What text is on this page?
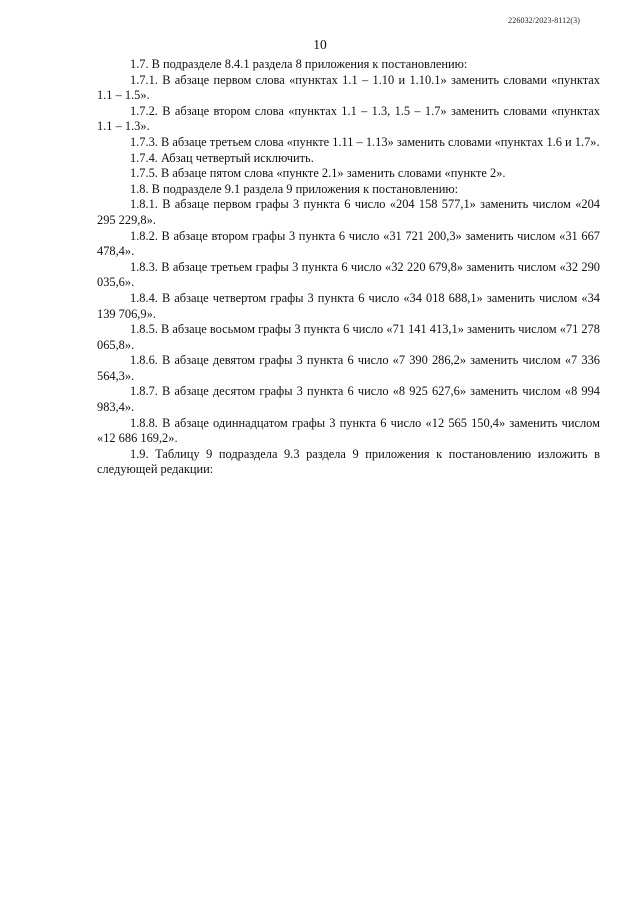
226032/2023-8112(3)
10

1.7. В подразделе 8.4.1 раздела 8 приложения к постановлению:

1.7.1. В абзаце первом слова «пунктах 1.1 – 1.10 и 1.10.1» заменить словами «пунктах 1.1 – 1.5».

1.7.2. В абзаце втором слова «пунктах 1.1 – 1.3, 1.5 – 1.7» заменить словами «пунктах 1.1 – 1.3».

1.7.3. В абзаце третьем слова «пункте 1.11 – 1.13» заменить словами «пунктах 1.6 и 1.7».

1.7.4. Абзац четвертый исключить.

1.7.5. В абзаце пятом слова «пункте 2.1» заменить словами «пункте 2».

1.8. В подразделе 9.1 раздела 9 приложения к постановлению:

1.8.1. В абзаце первом графы 3 пункта 6 число «204 158 577,1» заменить числом «204 295 229,8».

1.8.2. В абзаце втором графы 3 пункта 6 число «31 721 200,3» заменить числом «31 667 478,4».

1.8.3. В абзаце третьем графы 3 пункта 6 число «32 220 679,8» заменить числом «32 290 035,6».

1.8.4. В абзаце четвертом графы 3 пункта 6 число «34 018 688,1» заменить числом «34 139 706,9».

1.8.5. В абзаце восьмом графы 3 пункта 6 число «71 141 413,1» заменить числом «71 278 065,8».

1.8.6. В абзаце девятом графы 3 пункта 6 число «7 390 286,2» заменить числом «7 336 564,3».

1.8.7. В абзаце десятом графы 3 пункта 6 число «8 925 627,6» заменить числом «8 994 983,4».

1.8.8. В абзаце одиннадцатом графы 3 пункта 6 число «12 565 150,4» заменить числом «12 686 169,2».

1.9. Таблицу 9 подраздела 9.3 раздела 9 приложения к постановлению изложить в следующей редакции:
